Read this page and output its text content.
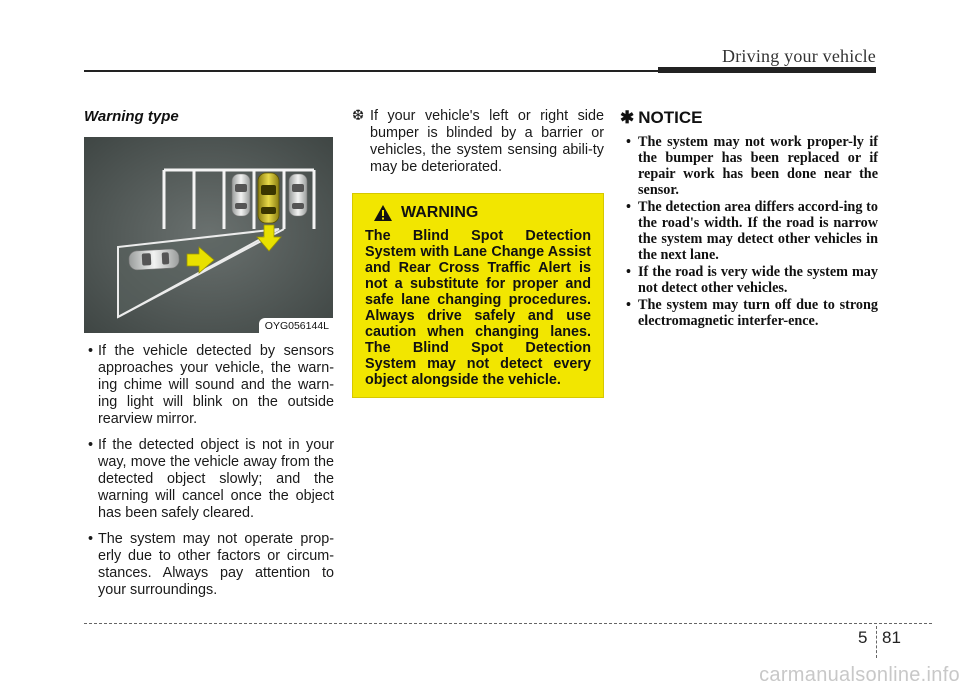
Driving your vehicle
Warning type
OYG056144L
• If the vehicle detected by sensors approaches your vehicle, the warn-ing chime will sound and the warn-ing light will blink on the outside rearview mirror.
• If the detected object is not in your way, move the vehicle away from the detected object slowly; and the warning will cancel once the object has been safely cleared.
• The system may not operate prop-erly due to other factors or circum-stances. Always pay attention to your surroundings.

❆ If your vehicle's left or right side bumper is blinded by a barrier or vehicles, the system sensing abili-ty may be deteriorated.

WARNING
The Blind Spot Detection System with Lane Change Assist and Rear Cross Traffic Alert is not a substitute for proper and safe lane changing procedures. Always drive safely and use caution when changing lanes. The Blind Spot Detection System may not detect every object alongside the vehicle.
✱ NOTICE
• The system may not work proper-ly if the bumper has been replaced or if repair work has been done near the sensor.
• The detection area differs accord-ing to the road's width. If the road is narrow the system may detect other vehicles in the next lane.
• If the road is very wide the system may not detect other vehicles.
• The system may turn off due to strong electromagnetic interfer-ence.
5 81
carmanualsonline.info
